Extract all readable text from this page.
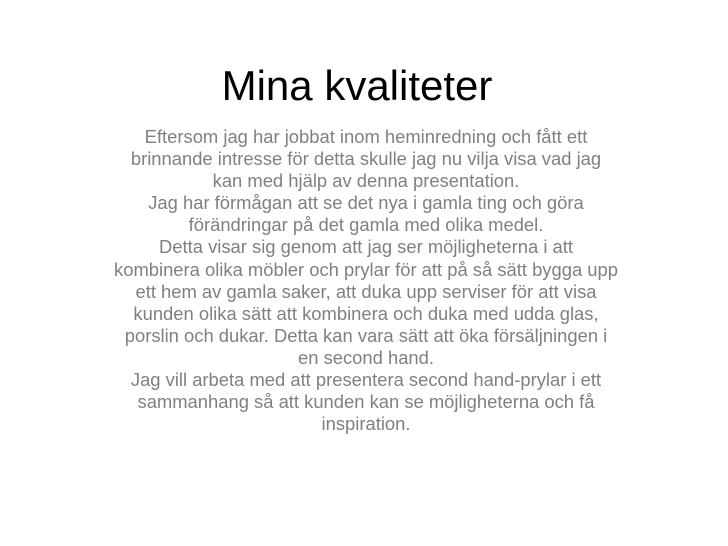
Mina kvaliteter

Eftersom jag har jobbat inom heminredning och fått ett brinnande intresse för detta skulle jag nu vilja visa vad jag kan med hjälp av denna presentation.

Jag har förmågan att se det nya i gamla ting och göra förändringar på det gamla med olika medel.

Detta visar sig genom att jag ser möjligheterna i att kombinera olika möbler och prylar för att på så sätt bygga upp ett hem av gamla saker, att duka upp serviser för att visa kunden olika sätt att kombinera och duka med udda glas, porslin och dukar. Detta kan vara sätt att öka försäljningen i en second hand.

Jag vill arbeta med att presentera second hand-prylar i ett sammanhang så att kunden kan se möjligheterna och få inspiration.
